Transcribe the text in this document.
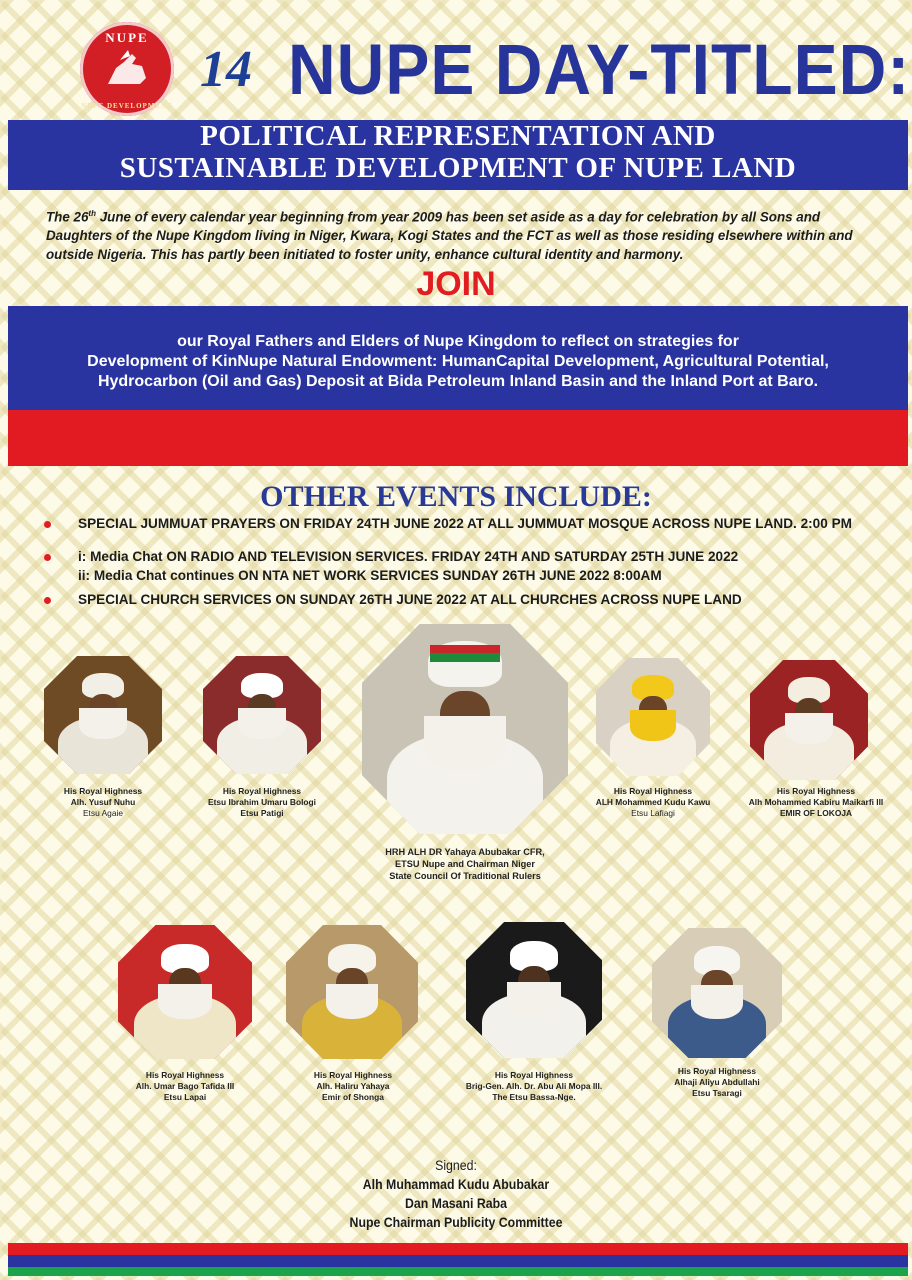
NUPE
NUPE DEVELOPMENT
14 NUPE DAY-TITLED:
POLITICAL REPRESENTATION AND
SUSTAINABLE DEVELOPMENT OF NUPE LAND
The 26th June of every calendar year beginning from year 2009 has been set aside as a day for celebration by all Sons and Daughters of the Nupe Kingdom living in Niger, Kwara, Kogi States and the FCT as well as those residing elsewhere within and outside Nigeria. This has partly been initiated to foster unity, enhance cultural identity and harmony.
JOIN
our Royal Fathers and Elders of Nupe Kingdom to reflect on strategies for
Development of KinNupe Natural Endowment: HumanCapital Development, Agricultural Potential,
Hydrocarbon (Oil and Gas) Deposit at Bida Petroleum Inland Basin and the Inland Port at Baro.
OTHER EVENTS INCLUDE:
SPECIAL JUMMUAT PRAYERS ON FRIDAY 24TH JUNE 2022 AT ALL JUMMUAT MOSQUE ACROSS NUPE LAND. 2:00 PM
i: Media Chat ON RADIO AND TELEVISION SERVICES. FRIDAY 24TH AND SATURDAY 25TH JUNE 2022
ii: Media Chat continues ON NTA NET WORK SERVICES SUNDAY 26TH JUNE 2022 8:00AM
SPECIAL CHURCH SERVICES ON SUNDAY 26TH JUNE 2022 AT ALL CHURCHES ACROSS NUPE LAND
His Royal Highness
Alh. Yusuf Nuhu
Etsu Agaie
His Royal Highness
Etsu Ibrahim Umaru Bologi
Etsu Patigi
HRH ALH DR Yahaya Abubakar CFR,
ETSU Nupe and Chairman Niger
State Council Of Traditional Rulers
His Royal Highness
ALH Mohammed Kudu Kawu
Etsu Lafiagi
His Royal Highness
Alh Mohammed Kabiru Maikarfi III
EMIR OF LOKOJA
His Royal Highness
Alh. Umar Bago Tafida III
Etsu Lapai
His Royal Highness
Alh. Haliru Yahaya
Emir of Shonga
His Royal Highness
Brig-Gen. Alh. Dr. Abu Ali Mopa III.
The Etsu Bassa-Nge.
His Royal Highness
Alhaji Aliyu Abdullahi
Etsu Tsaragi
Signed:
Alh Muhammad Kudu Abubakar
Dan Masani Raba
Nupe Chairman Publicity Committee
